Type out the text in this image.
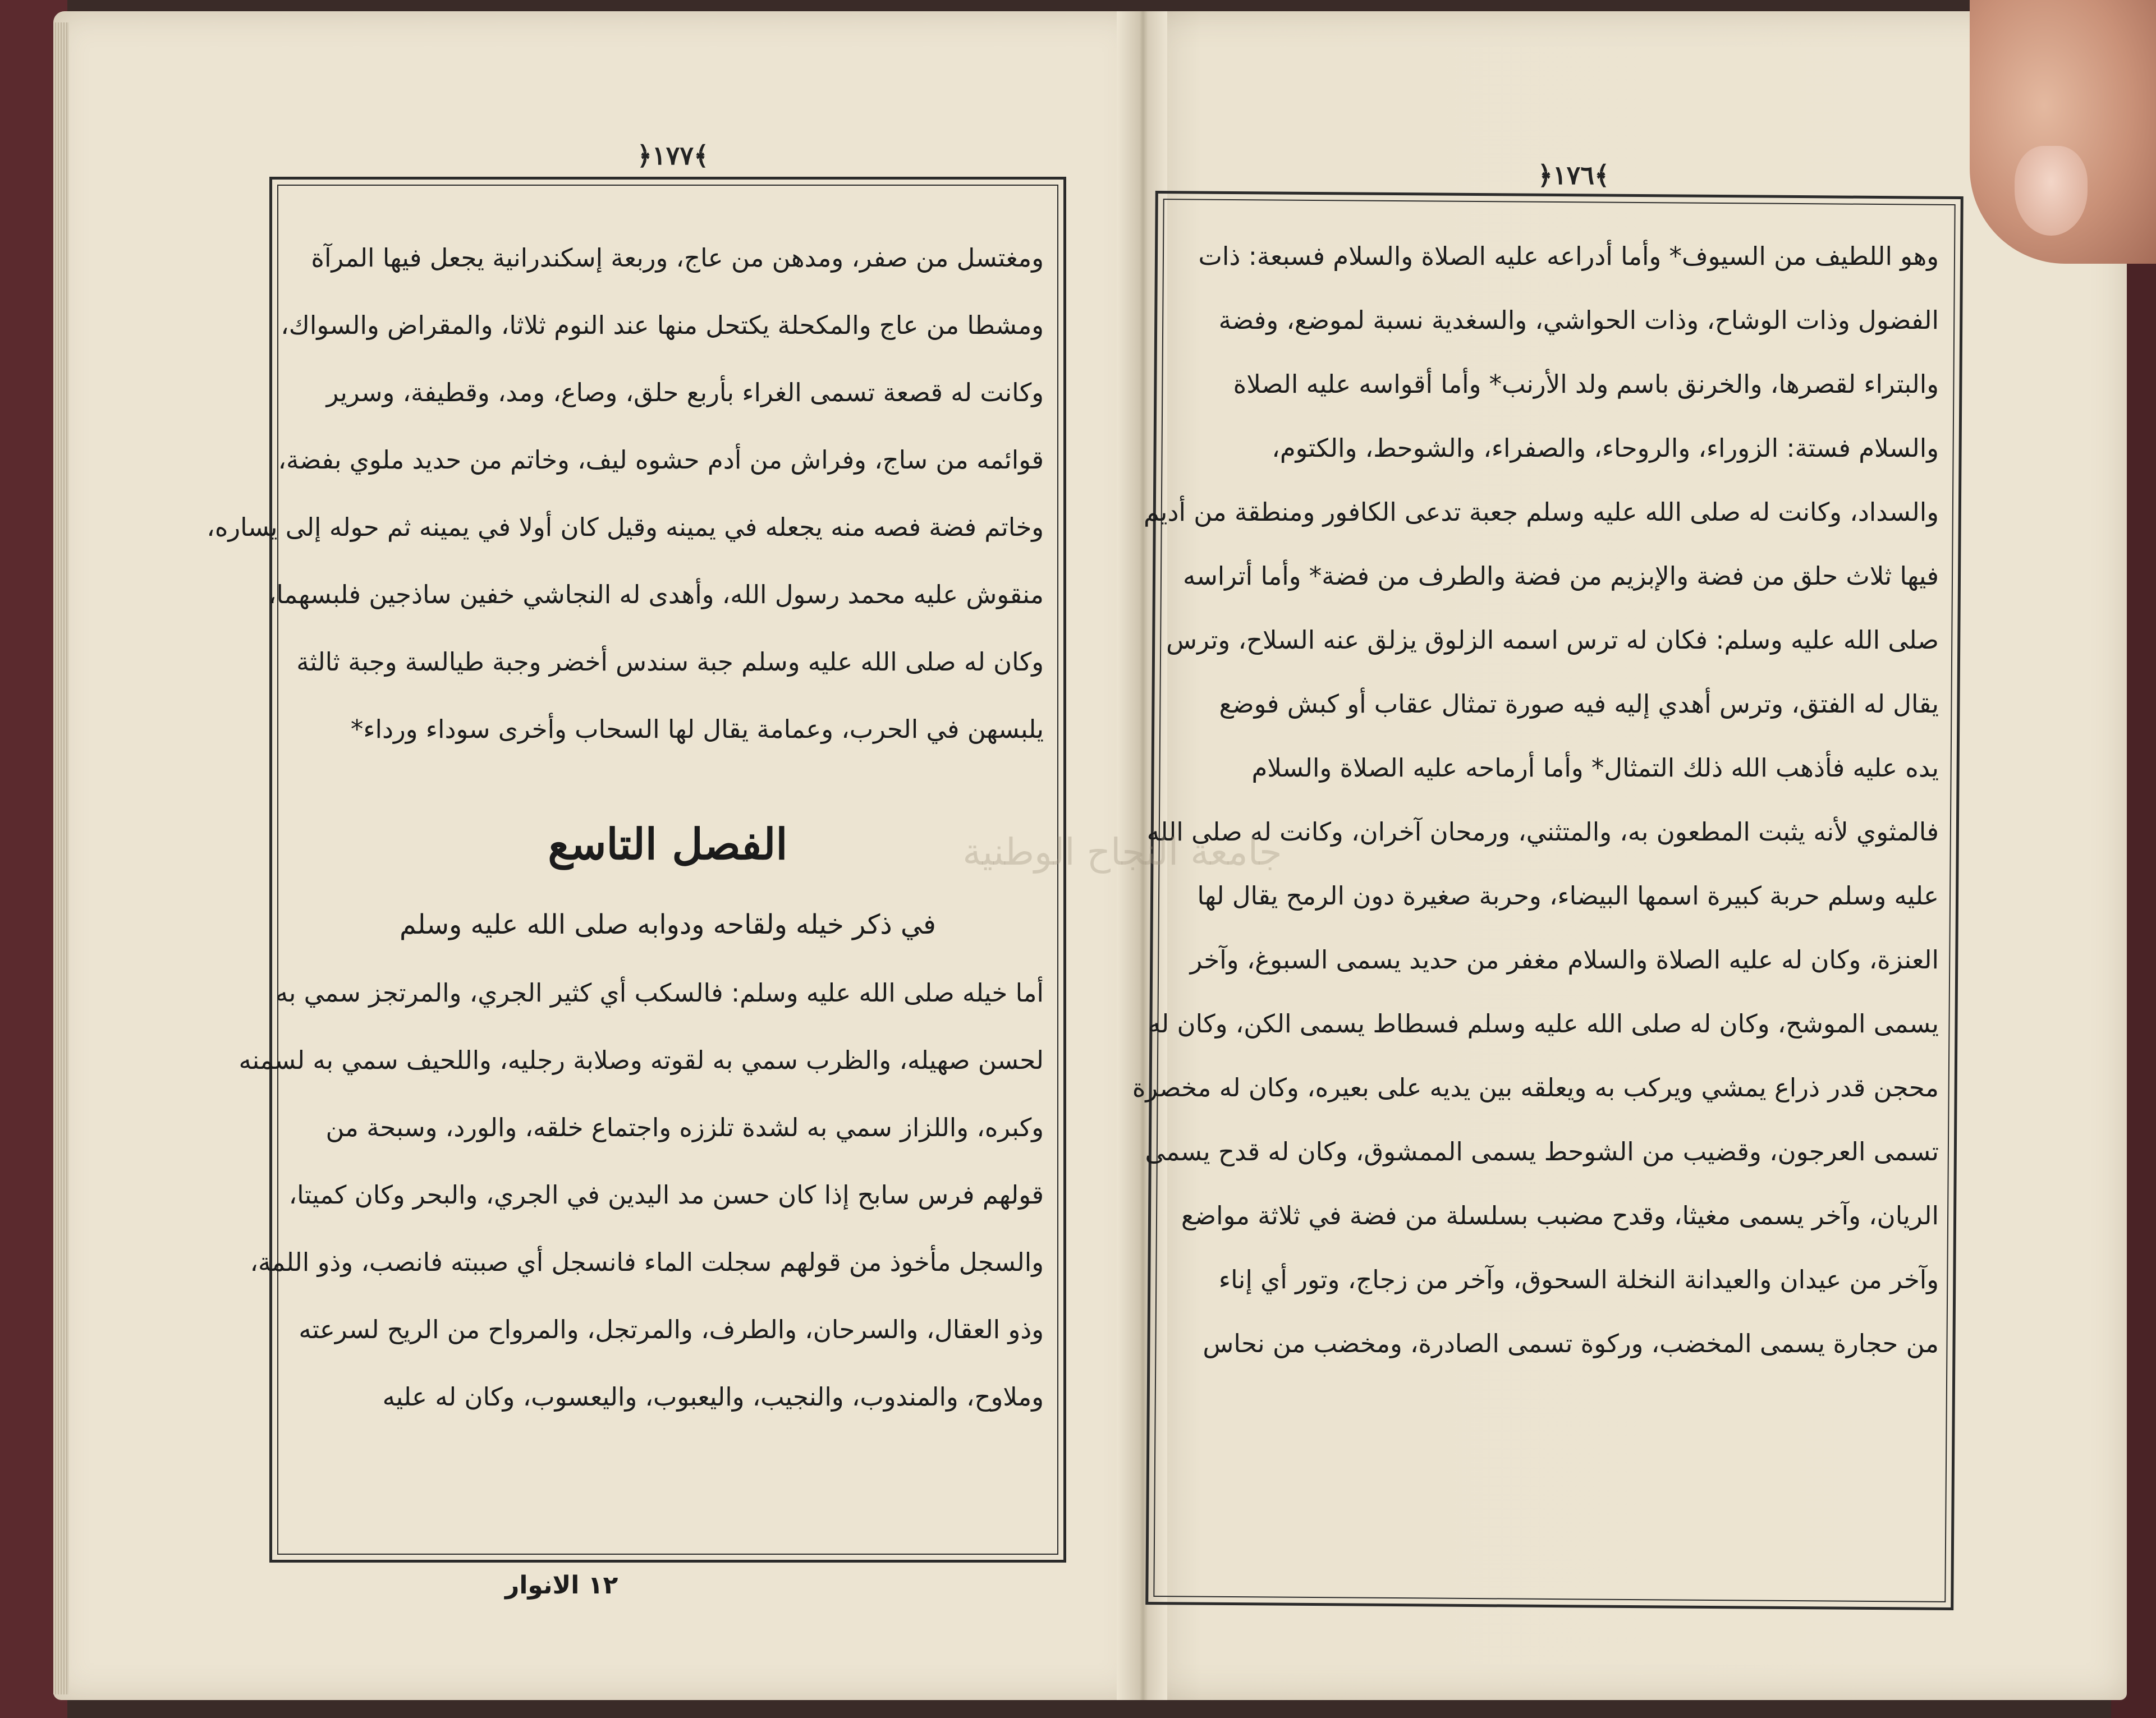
﴿١٧٧﴾
﴿١٧٦﴾
ومغتسل من صفر، ومدهن من عاج، وربعة إسكندرانية يجعل فيها المرآة
ومشطا من عاج والمكحلة يكتحل منها عند النوم ثلاثا، والمقراض والسواك،
وكانت له قصعة تسمى الغراء بأربع حلق، وصاع، ومد، وقطيفة، وسرير
قوائمه من ساج، وفراش من أدم حشوه ليف، وخاتم من حديد ملوي بفضة،
وخاتم فضة فصه منه يجعله في يمينه وقيل كان أولا في يمينه ثم حوله إلى يساره،
منقوش عليه محمد رسول الله، وأهدى له النجاشي خفين ساذجين فلبسهما،
وكان له صلى الله عليه وسلم جبة سندس أخضر وجبة طيالسة وجبة ثالثة
يلبسهن في الحرب، وعمامة يقال لها السحاب وأخرى سوداء ورداء*
الفصل التاسع
في ذكر خيله ولقاحه ودوابه صلى الله عليه وسلم
أما خيله صلى الله عليه وسلم: فالسكب أي كثير الجري، والمرتجز سمي به
لحسن صهيله، والظرب سمي به لقوته وصلابة رجليه، واللحيف سمي به لسمنه
وكبره، واللزاز سمي به لشدة تلززه واجتماع خلقه، والورد، وسبحة من
قولهم فرس سابح إذا كان حسن مد اليدين في الجري، والبحر وكان كميتا،
والسجل مأخوذ من قولهم سجلت الماء فانسجل أي صببته فانصب، وذو اللمة،
وذو العقال، والسرحان، والطرف، والمرتجل، والمرواح من الريح لسرعته
وملاوح، والمندوب، والنجيب، واليعبوب، واليعسوب، وكان له عليه
١٢ الانوار
وهو اللطيف من السيوف* وأما أدراعه عليه الصلاة والسلام فسبعة: ذات
الفضول وذات الوشاح، وذات الحواشي، والسغدية نسبة لموضع، وفضة
والبتراء لقصرها، والخرنق باسم ولد الأرنب* وأما أقواسه عليه الصلاة
والسلام فستة: الزوراء، والروحاء، والصفراء، والشوحط، والكتوم،
والسداد، وكانت له صلى الله عليه وسلم جعبة تدعى الكافور ومنطقة من أديم
فيها ثلاث حلق من فضة والإبزيم من فضة والطرف من فضة* وأما أتراسه
صلى الله عليه وسلم: فكان له ترس اسمه الزلوق يزلق عنه السلاح، وترس
يقال له الفتق، وترس أهدي إليه فيه صورة تمثال عقاب أو كبش فوضع
يده عليه فأذهب الله ذلك التمثال* وأما أرماحه عليه الصلاة والسلام
فالمثوي لأنه يثبت المطعون به، والمتثني، ورمحان آخران، وكانت له صلى الله
عليه وسلم حربة كبيرة اسمها البيضاء، وحربة صغيرة دون الرمح يقال لها
العنزة، وكان له عليه الصلاة والسلام مغفر من حديد يسمى السبوغ، وآخر
يسمى الموشح، وكان له صلى الله عليه وسلم فسطاط يسمى الكن، وكان له
محجن قدر ذراع يمشي ويركب به ويعلقه بين يديه على بعيره، وكان له مخصرة
تسمى العرجون، وقضيب من الشوحط يسمى الممشوق، وكان له قدح يسمى
الريان، وآخر يسمى مغيثا، وقدح مضبب بسلسلة من فضة في ثلاثة مواضع
وآخر من عيدان والعيدانة النخلة السحوق، وآخر من زجاج، وتور أي إناء
من حجارة يسمى المخضب، وركوة تسمى الصادرة، ومخضب من نحاس
جامعة النجاح الوطنية
